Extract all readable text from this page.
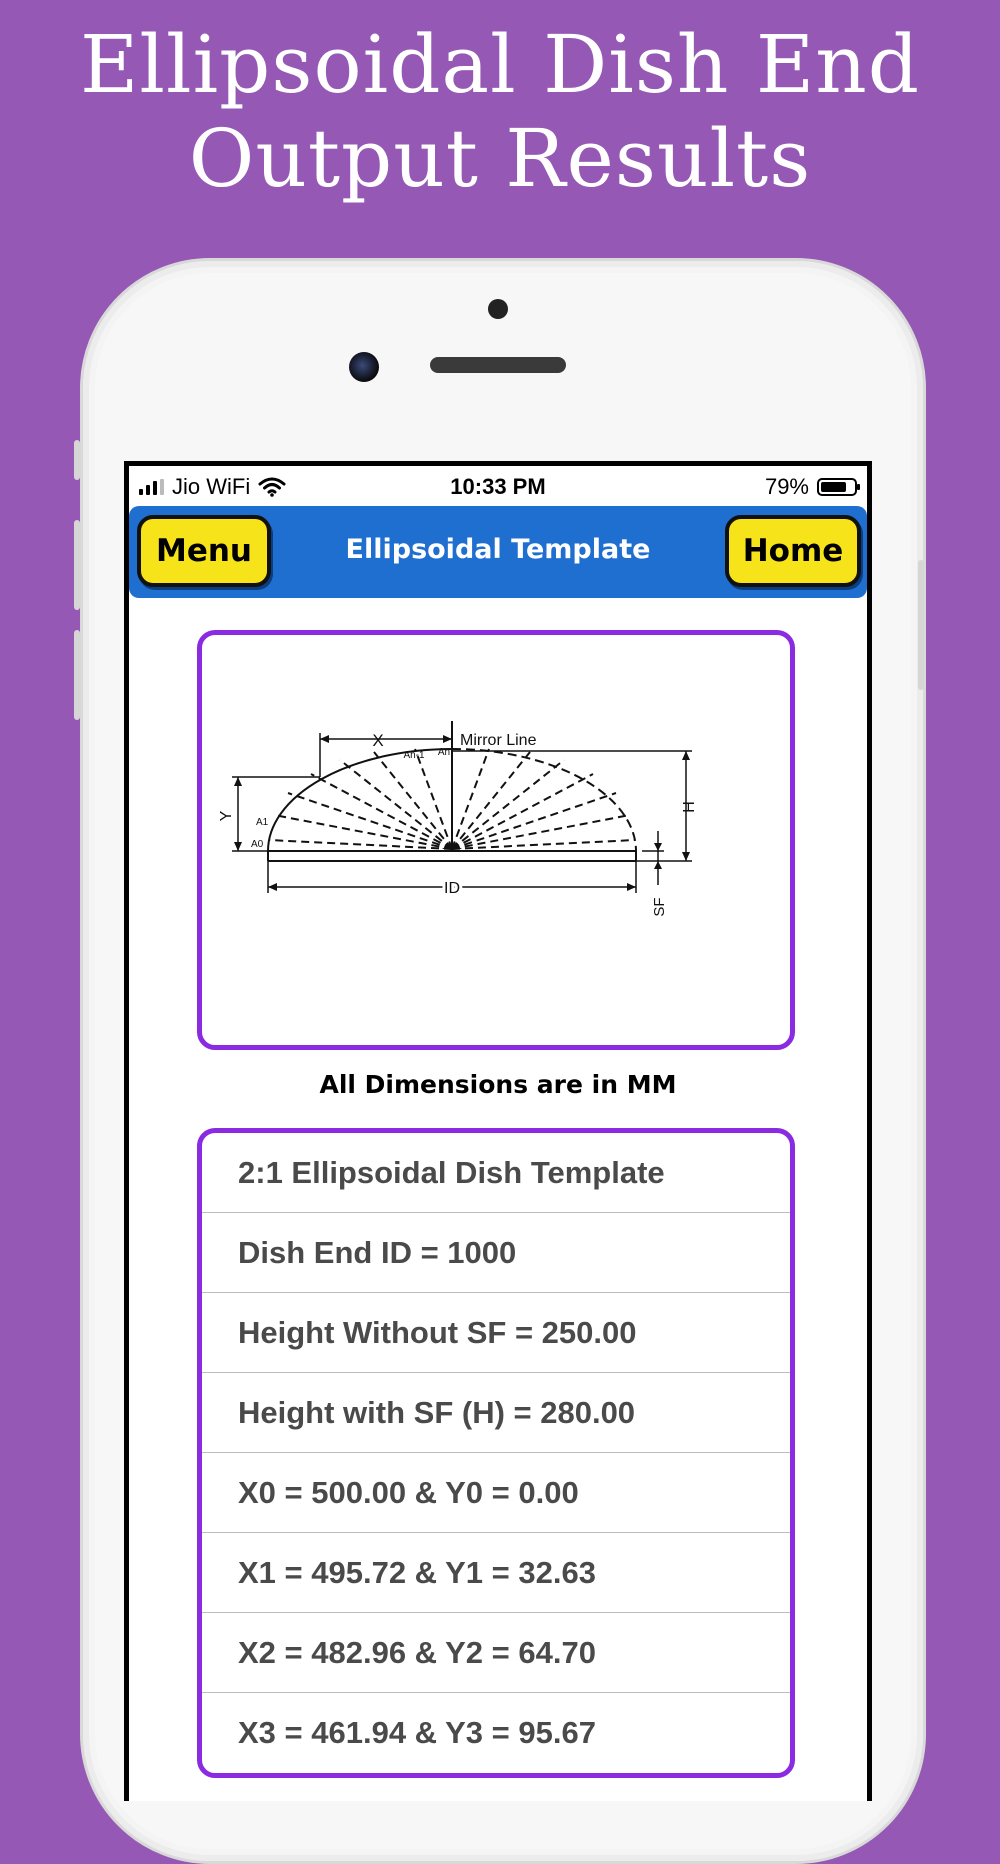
Ellipsoidal Dish End
Output Results
Jio WiFi	10:33 PM	79%
Menu	Ellipsoidal Template	Home
X
An-1 An
Mirror Line
Y
A1
A0
H
ID
SF
All Dimensions are in MM
2:1 Ellipsoidal Dish Template
Dish End ID = 1000
Height Without SF = 250.00
Height with SF (H) = 280.00
X0 = 500.00 & Y0 = 0.00
X1 = 495.72 & Y1 = 32.63
X2 = 482.96 & Y2 = 64.70
X3 = 461.94 & Y3 = 95.67
